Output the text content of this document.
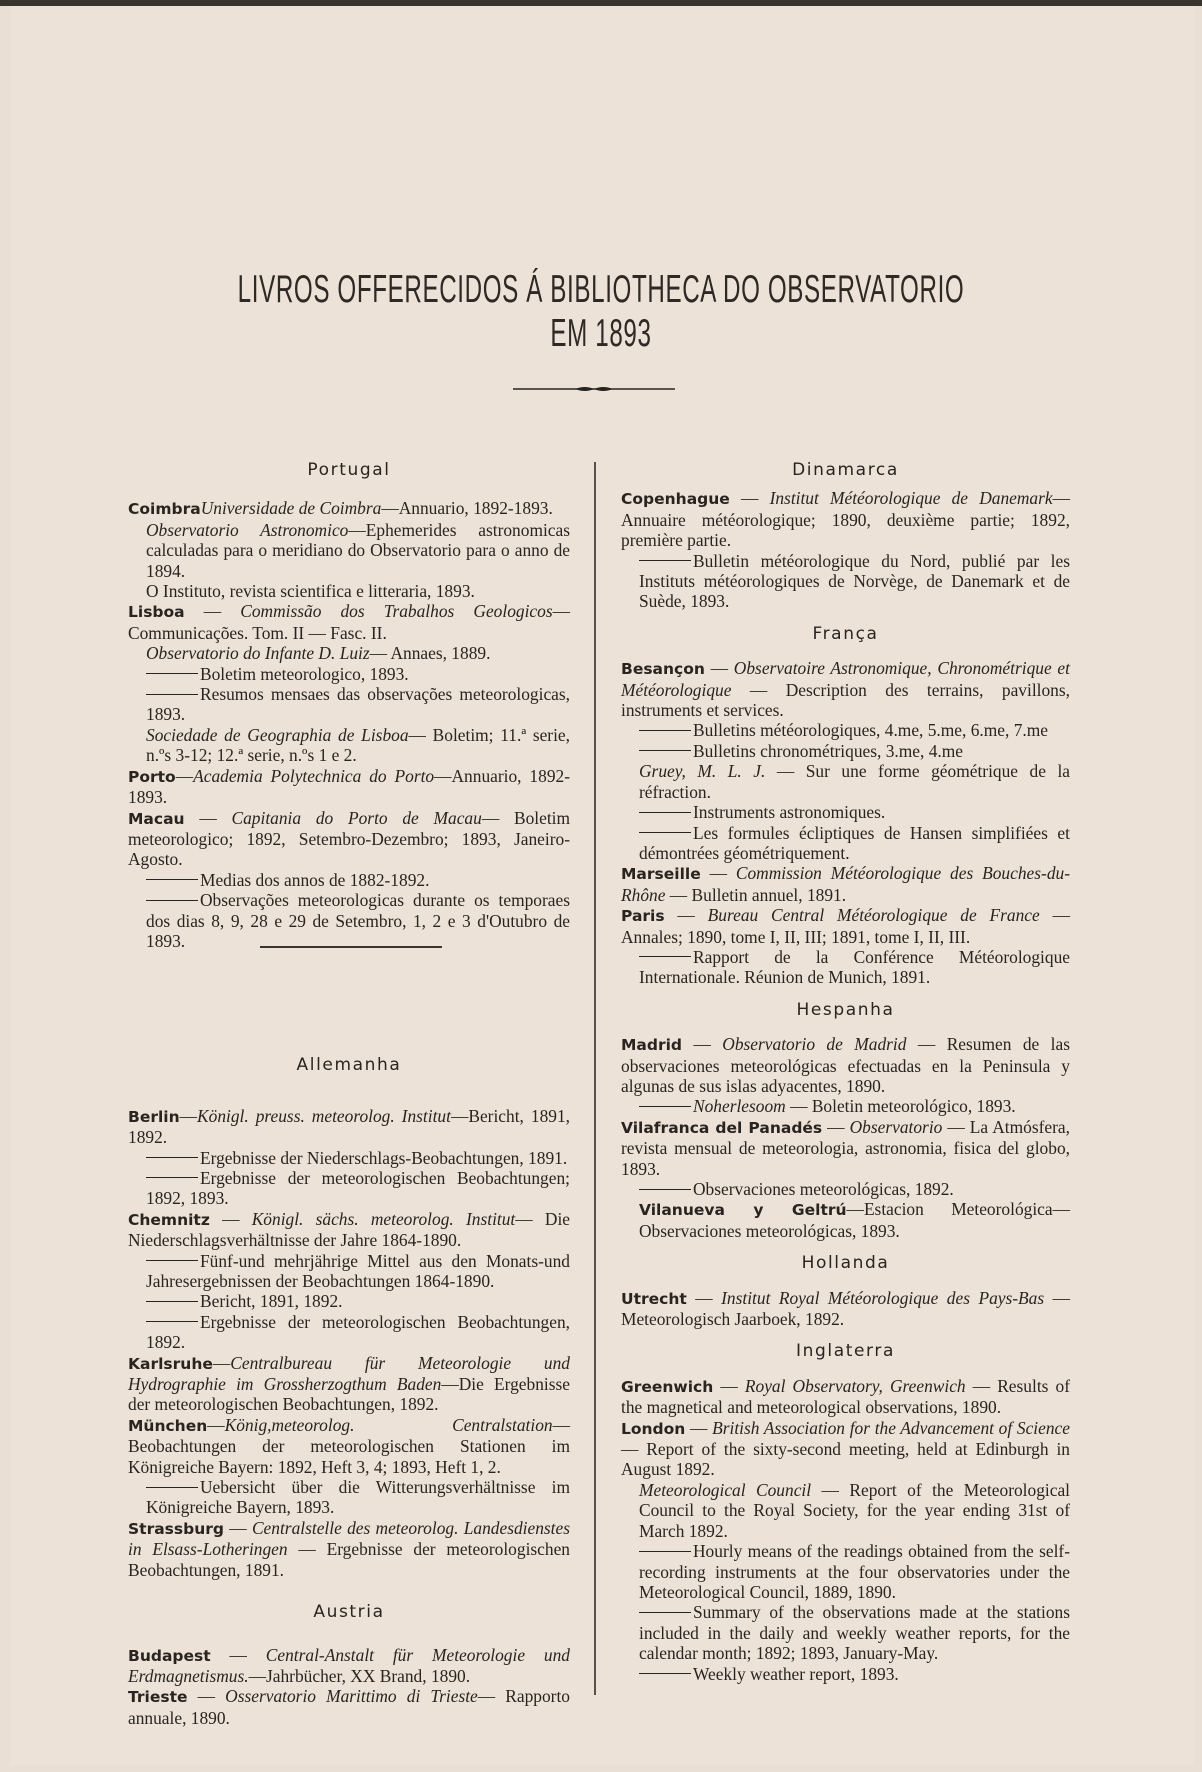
LIVROS OFFERECIDOS Á BIBLIOTHECA DO OBSERVATORIO EM 1893
Portugal
CoimbraUniversidade de Coimbra—Annuario, 1892-1893.
Observatorio Astronomico—Ephemerides astronomicas calculadas para o meridiano do Observatorio para o anno de 1894.
O Instituto, revista scientifica e litteraria, 1893.
Lisboa — Commissão dos Trabalhos Geologicos— Communicações. Tom. II — Fasc. II.
Observatorio do Infante D. Luiz— Annaes, 1889.
Boletim meteorologico, 1893.
Resumos mensaes das observações meteorologicas, 1893.
Sociedade de Geographia de Lisboa— Boletim; 11.ª serie, n.ºs 3-12; 12.ª serie, n.ºs 1 e 2.
Porto—Academia Polytechnica do Porto—Annuario, 1892-1893.
Macau — Capitania do Porto de Macau— Boletim meteorologico; 1892, Setembro-Dezembro; 1893, Janeiro-Agosto.
Medias dos annos de 1882-1892.
Observações meteorologicas durante os temporaes dos dias 8, 9, 28 e 29 de Setembro, 1, 2 e 3 d'Outubro de 1893.
Allemanha
Berlin—Königl. preuss. meteorolog. Institut—Bericht, 1891, 1892.
Ergebnisse der Niederschlags-Beobachtungen, 1891.
Ergebnisse der meteorologischen Beobachtungen; 1892, 1893.
Chemnitz — Königl. sächs. meteorolog. Institut— Die Niederschlagsverhältnisse der Jahre 1864-1890.
Fünf-und mehrjährige Mittel aus den Monats-und Jahresergebnissen der Beobachtungen 1864-1890.
Bericht, 1891, 1892.
Ergebnisse der meteorologischen Beobachtungen, 1892.
Karlsruhe—Centralbureau für Meteorologie und Hydrographie im Grossherzogthum Baden—Die Ergebnisse der meteorologischen Beobachtungen, 1892.
München—König,meteorolog. Centralstation—Beobachtungen der meteorologischen Stationen im Königreiche Bayern: 1892, Heft 3, 4; 1893, Heft 1, 2.
Uebersicht über die Witterungsverhältnisse im Königreiche Bayern, 1893.
Strassburg — Centralstelle des meteorolog. Landesdienstes in Elsass-Lotheringen — Ergebnisse der meteorologischen Beobachtungen, 1891.
Austria
Budapest — Central-Anstalt für Meteorologie und Erdmagnetismus.—Jahrbücher, XX Brand, 1890.
Trieste — Osservatorio Marittimo di Trieste— Rapporto annuale, 1890.
Dinamarca
Copenhague — Institut Météorologique de Danemark— Annuaire météorologique; 1890, deuxième partie; 1892, première partie.
Bulletin météorologique du Nord, publié par les Instituts météorologiques de Norvège, de Danemark et de Suède, 1893.
França
Besançon — Observatoire Astronomique, Chronométrique et Météorologique — Description des terrains, pavillons, instruments et services.
Bulletins météorologiques, 4.me, 5.me, 6.me, 7.me
Bulletins chronométriques, 3.me, 4.me
Gruey, M. L. J. — Sur une forme géométrique de la réfraction.
Instruments astronomiques.
Les formules écliptiques de Hansen simplifiées et démontrées géométriquement.
Marseille — Commission Météorologique des Bouches-du-Rhône — Bulletin annuel, 1891.
Paris — Bureau Central Météorologique de France — Annales; 1890, tome I, II, III; 1891, tome I, II, III.
Rapport de la Conférence Météorologique Internationale. Réunion de Munich, 1891.
Hespanha
Madrid — Observatorio de Madrid — Resumen de las observaciones meteorológicas efectuadas en la Peninsula y algunas de sus islas adyacentes, 1890.
Noherlesoom — Boletin meteorológico, 1893.
Vilafranca del Panadés — Observatorio — La Atmósfera, revista mensual de meteorologia, astronomia, fisica del globo, 1893.
Observaciones meteorológicas, 1892.
Vilanueva y Geltrú—Estacion Meteorológica—Observaciones meteorológicas, 1893.
Hollanda
Utrecht — Institut Royal Météorologique des Pays-Bas — Meteorologisch Jaarboek, 1892.
Inglaterra
Greenwich — Royal Observatory, Greenwich — Results of the magnetical and meteorological observations, 1890.
London — British Association for the Advancement of Science — Report of the sixty-second meeting, held at Edinburgh in August 1892.
Meteorological Council — Report of the Meteorological Council to the Royal Society, for the year ending 31st of March 1892.
Hourly means of the readings obtained from the self-recording instruments at the four observatories under the Meteorological Council, 1889, 1890.
Summary of the observations made at the stations included in the daily and weekly weather reports, for the calendar month; 1892; 1893, January-May.
Weekly weather report, 1893.
